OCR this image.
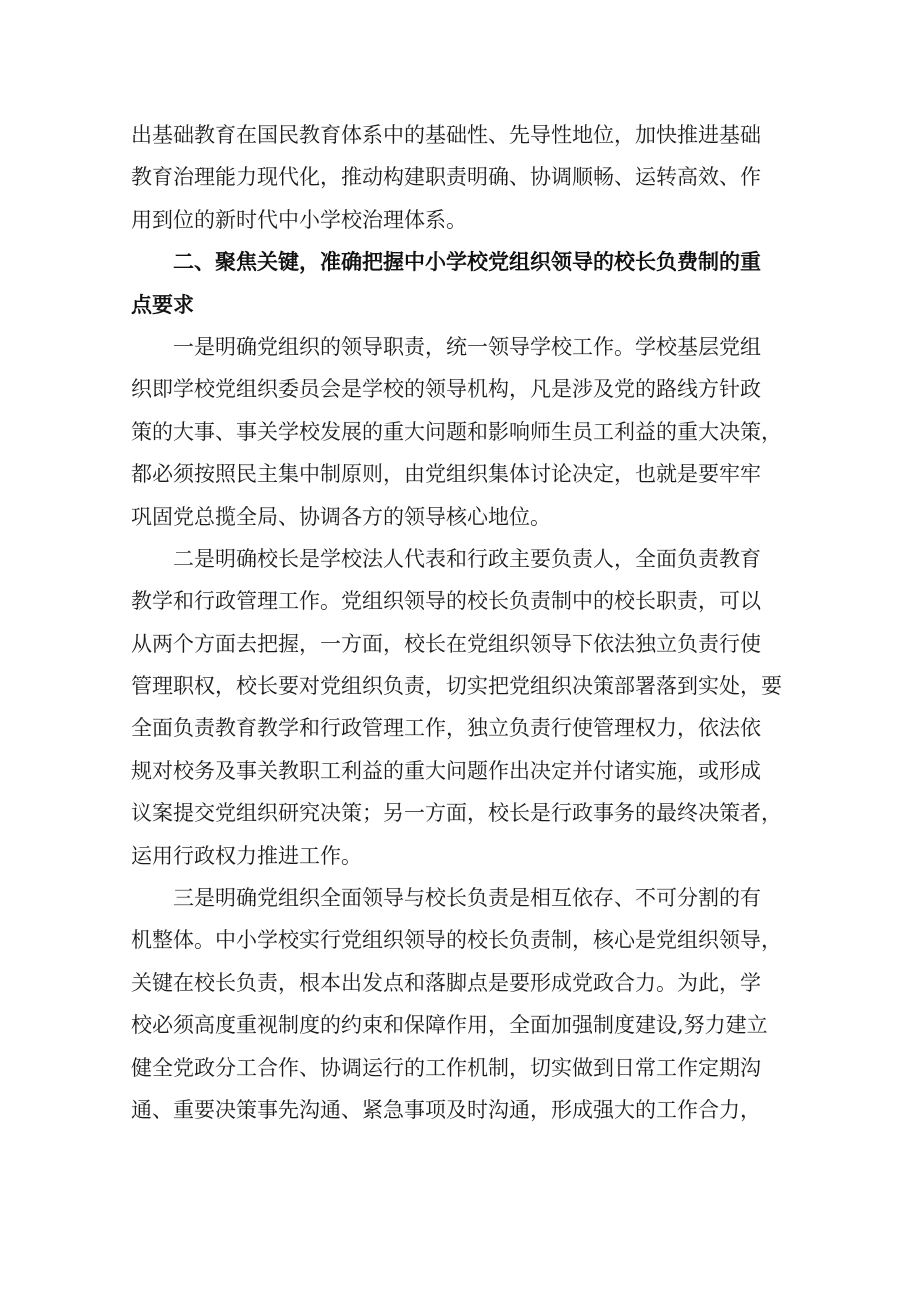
出基础教育在国民教育体系中的基础性、先导性地位，加快推进基础
教育治理能力现代化，推动构建职责明确、协调顺畅、运转高效、作
用到位的新时代中小学校治理体系。
二、聚焦关键，准确把握中小学校党组织领导的校长负费制的重
点要求
一是明确党组织的领导职责，统一领导学校工作。学校基层党组
织即学校党组织委员会是学校的领导机构，凡是涉及党的路线方针政
策的大事、事关学校发展的重大问题和影响师生员工利益的重大决策，
都必须按照民主集中制原则，由党组织集体讨论决定，也就是要牢牢
巩固党总揽全局、协调各方的领导核心地位。
二是明确校长是学校法人代表和行政主要负责人，全面负责教育
教学和行政管理工作。党组织领导的校长负责制中的校长职责，可以
从两个方面去把握，一方面，校长在党组织领导下依法独立负责行使
管理职权，校长要对党组织负责，切实把党组织决策部署落到实处，要
全面负责教育教学和行政管理工作，独立负责行使管理权力，依法依
规对校务及事关教职工利益的重大问题作出决定并付诸实施，或形成
议案提交党组织研究决策；另一方面，校长是行政事务的最终决策者，
运用行政权力推进工作。
三是明确党组织全面领导与校长负责是相互依存、不可分割的有
机整体。中小学校实行党组织领导的校长负责制，核心是党组织领导，
关键在校长负责，根本出发点和落脚点是要形成党政合力。为此，学
校必须高度重视制度的约束和保障作用，全面加强制度建设,努力建立
健全党政分工合作、协调运行的工作机制，切实做到日常工作定期沟
通、重要决策事先沟通、紧急事项及时沟通，形成强大的工作合力，
